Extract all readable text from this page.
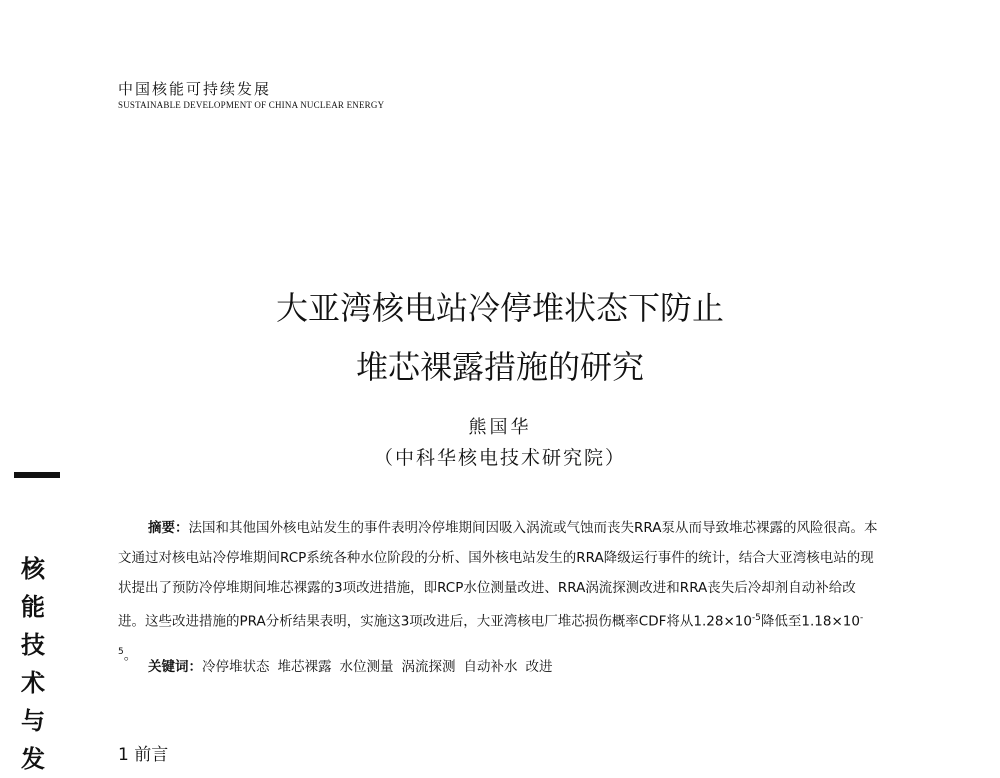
中国核能可持续发展
SUSTAINABLE DEVELOPMENT OF CHINA NUCLEAR ENERGY
大亚湾核电站冷停堆状态下防止
堆芯裸露措施的研究
熊国华
（中科华核电技术研究院）
核
能
技
术
与
发
摘要：法国和其他国外核电站发生的事件表明冷停堆期间因吸入涡流或气蚀而丧失RRA泵从而导致堆芯裸露的风险很高。本文通过对核电站冷停堆期间RCP系统各种水位阶段的分析、国外核电站发生的RRA降级运行事件的统计，结合大亚湾核电站的现状提出了预防冷停堆期间堆芯裸露的3项改进措施，即RCP水位测量改进、RRA涡流探测改进和RRA丧失后冷却剂自动补给改进。这些改进措施的PRA分析结果表明，实施这3项改进后，大亚湾核电厂堆芯损伤概率CDF将从$1.28\times 10^{-5}$降低至$1.18\times 10^{-5}$。
关键词：冷停堆状态 堆芯裸露 水位测量 涡流探测 自动补水 改进
1 前言
